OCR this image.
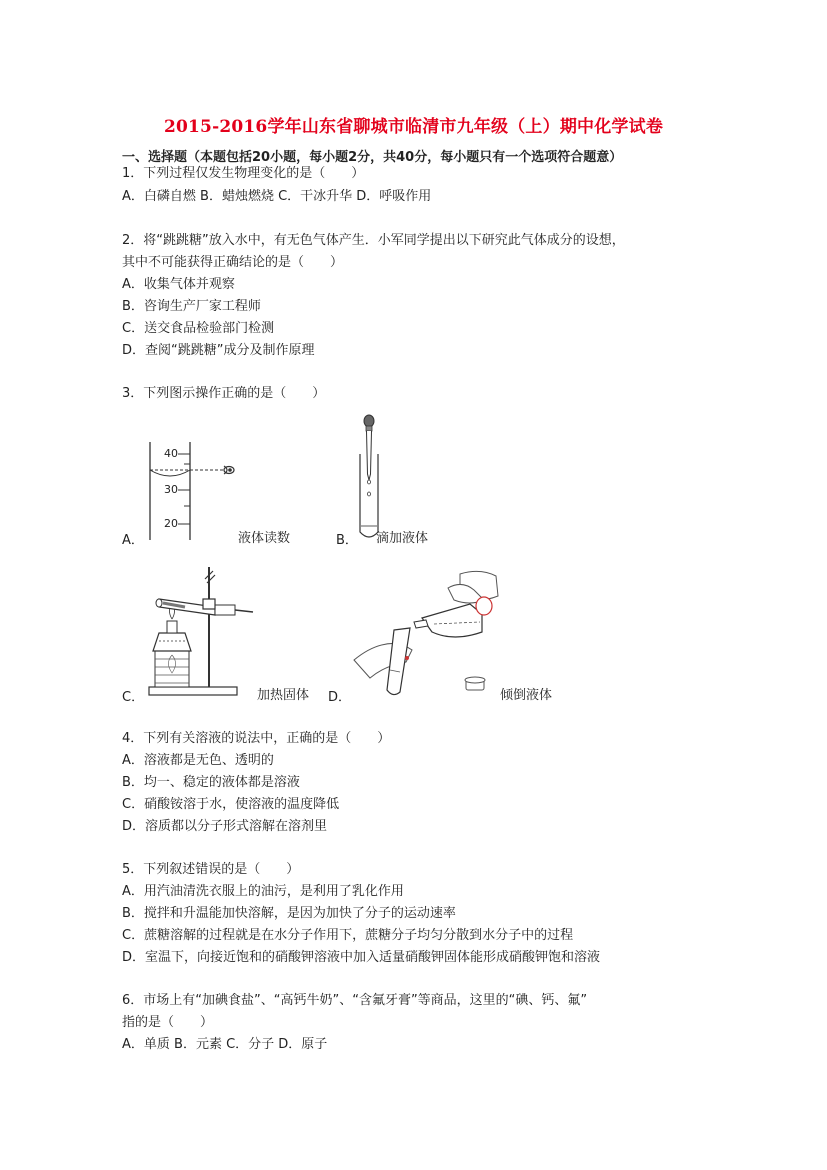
2015-2016学年山东省聊城市临清市九年级（上）期中化学试卷
一、选择题（本题包括20小题，每小题2分，共40分，每小题只有一个选项符合题意）
1．下列过程仅发生物理变化的是（　　）
A．白磷自燃 B．蜡烛燃烧 C．干冰升华 D．呼吸作用
2．将“跳跳糖”放入水中，有无色气体产生．小军同学提出以下研究此气体成分的设想，
其中不可能获得正确结论的是（　　）
A．收集气体并观察
B．咨询生产厂家工程师
C．送交食品检验部门检测
D．查阅“跳跳糖”成分及制作原理
3．下列图示操作正确的是（　　）
40
30
20
A．	液体读数	B． 滴加液体
C．	加热固体 D．	倾倒液体
4．下列有关溶液的说法中，正确的是（　　）
A．溶液都是无色、透明的
B．均一、稳定的液体都是溶液
C．硝酸铵溶于水，使溶液的温度降低
D．溶质都以分子形式溶解在溶剂里
5．下列叙述错误的是（　　）
A．用汽油清洗衣服上的油污，是利用了乳化作用
B．搅拌和升温能加快溶解，是因为加快了分子的运动速率
C．蔗糖溶解的过程就是在水分子作用下，蔗糖分子均匀分散到水分子中的过程
D．室温下，向接近饱和的硝酸钾溶液中加入适量硝酸钾固体能形成硝酸钾饱和溶液
6．市场上有“加碘食盐”、“高钙牛奶”、“含氟牙膏”等商品，这里的“碘、钙、氟”
指的是（　　）
A．单质 B．元素 C．分子 D．原子
